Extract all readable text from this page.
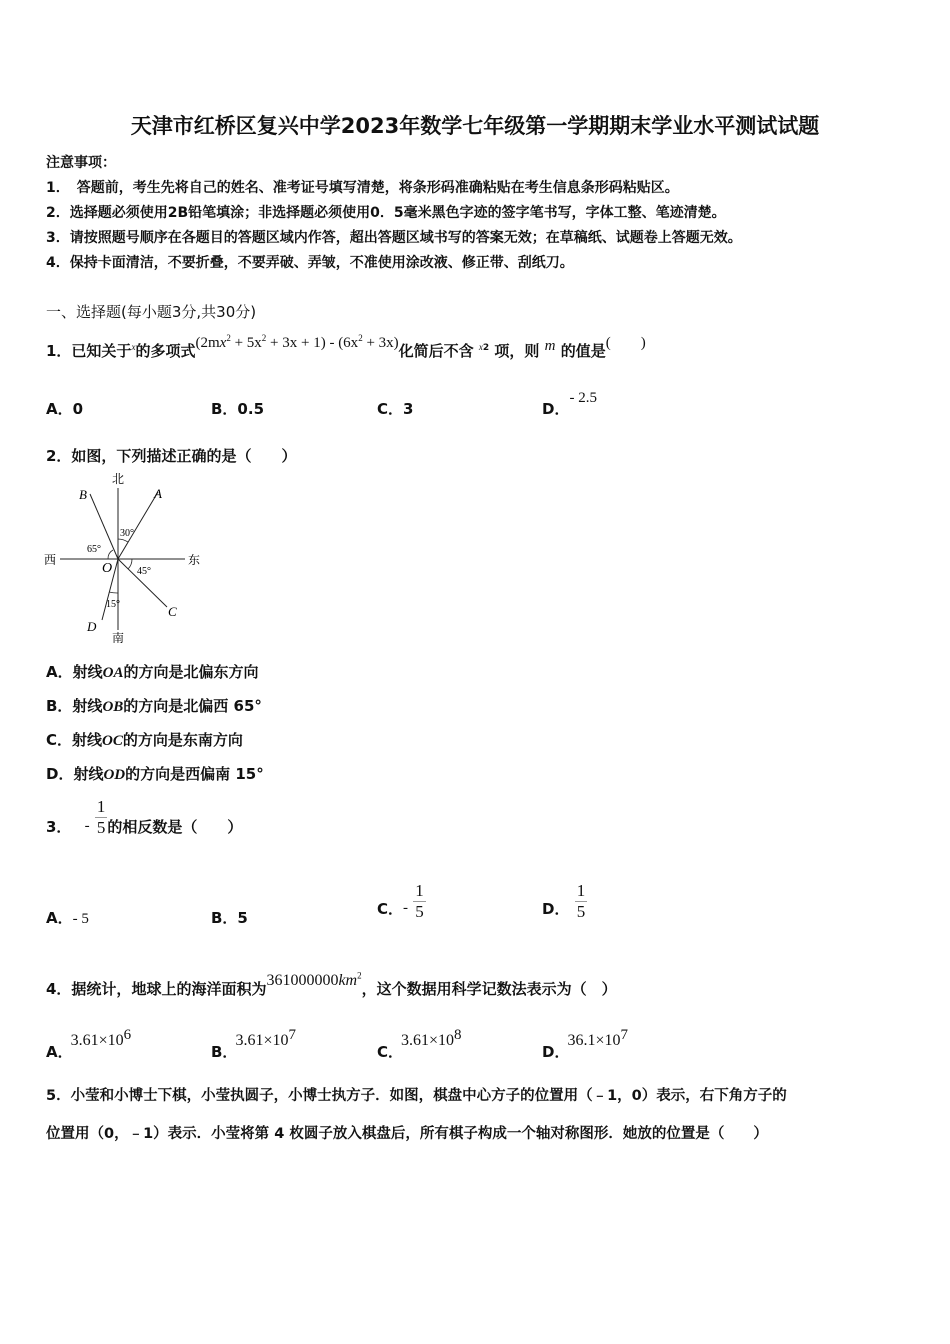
天津市红桥区复兴中学2023年数学七年级第一学期期末学业水平测试试题
注意事项：
1．　答题前，考生先将自己的姓名、准考证号填写清楚，将条形码准确粘贴在考生信息条形码粘贴区。
2．选择题必须使用2B铅笔填涂；非选择题必须使用0．5毫米黑色字迹的签字笔书写，字体工整、笔迹清楚。
3．请按照题号顺序在各题目的答题区域内作答，超出答题区域书写的答案无效；在草稿纸、试题卷上答题无效。
4．保持卡面清洁，不要折叠，不要弄破、弄皱，不准使用涂改液、修正带、刮纸刀。
一、选择题(每小题3分,共30分)
1．已知关于$^x$的多项式$(2mx^2 + 5x^2 + 3x + 1) - (6x^2 + 3x)$化简后不含 $^{x2}$ 项，则 $^m$ 的值是(　　)
A．0	B．0.5	C．3	D．- 2.5
2．如图，下列描述正确的是（　　）
北
南
西	东
O
A
B
C
D
30°
65°
45°
15°
A．射线OA的方向是北偏东方向
B．射线OB的方向是北偏西 65°
C．射线OC的方向是东南方向
D．射线OD的方向是西偏南 15°
3． - $\frac{1}{5}$ 的相反数是（　　）
A．- 5	B．5	C．- $\frac{1}{5}$	D． $\frac{1}{5}$
4．据统计，地球上的海洋面积为$361000000km^2$，这个数据用科学记数法表示为（　）
A．$3.61\times 10^6$
B．$3.61\times 10^7$
C．$3.61\times 10^8$
D．$36.1\times 10^7$
5．小莹和小博士下棋，小莹执圆子，小博士执方子．如图，棋盘中心方子的位置用（﹣1，0）表示，右下角方子的
位置用（0，﹣1）表示．小莹将第 4 枚圆子放入棋盘后，所有棋子构成一个轴对称图形．她放的位置是（　　）
